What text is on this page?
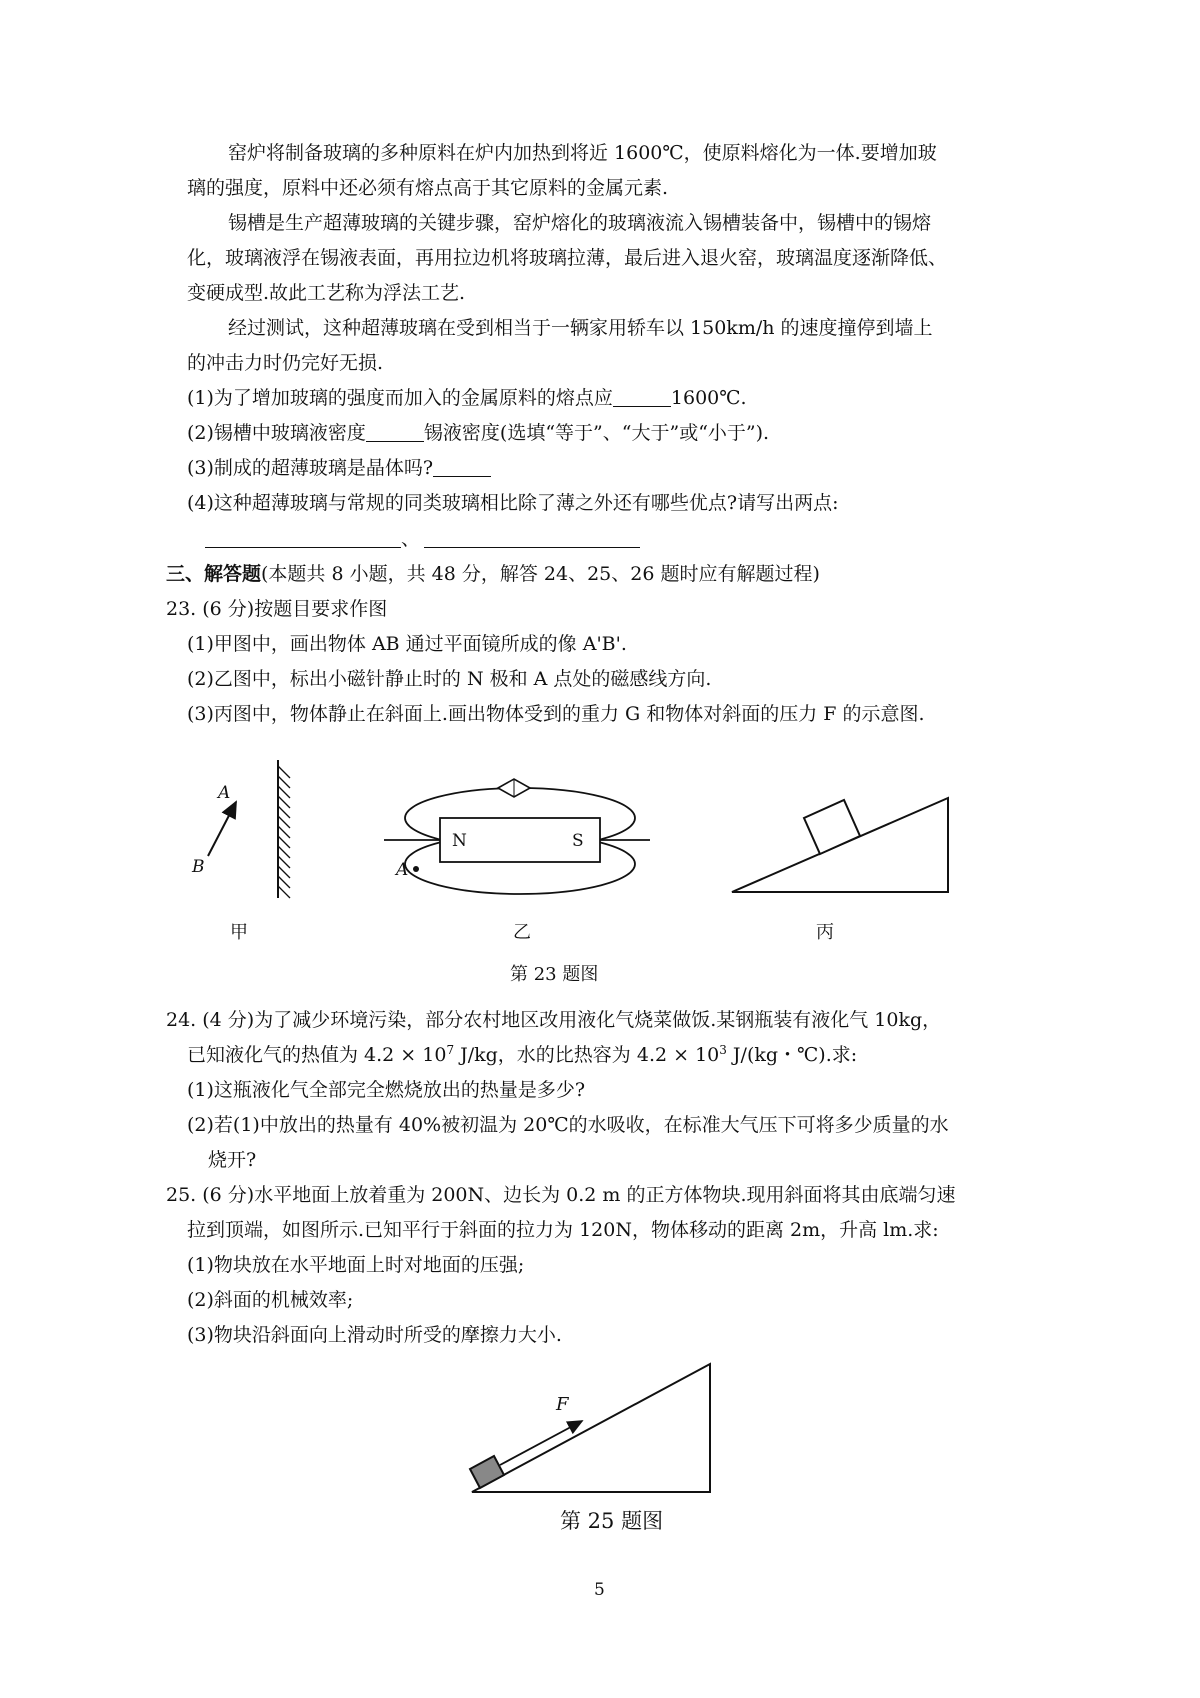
窑炉将制备玻璃的多种原料在炉内加热到将近 1600℃，使原料熔化为一体.要增加玻
璃的强度，原料中还必须有熔点高于其它原料的金属元素.
锡槽是生产超薄玻璃的关键步骤，窑炉熔化的玻璃液流入锡槽装备中，锡槽中的锡熔
化，玻璃液浮在锡液表面，再用拉边机将玻璃拉薄，最后进入退火窑，玻璃温度逐渐降低、
变硬成型.故此工艺称为浮法工艺.
经过测试，这种超薄玻璃在受到相当于一辆家用轿车以 150km/h 的速度撞停到墙上
的冲击力时仍完好无损.
(1)为了增加玻璃的强度而加入的金属原料的熔点应	1600℃.
(2)锡槽中玻璃液密度	锡液密度(选填“等于”、“大于”或“小于”).
(3)制成的超薄玻璃是晶体吗?
(4)这种超薄玻璃与常规的同类玻璃相比除了薄之外还有哪些优点?请写出两点:
、
三、解答题(本题共 8 小题，共 48 分，解答 24、25、26 题时应有解题过程)
23. (6 分)按题目要求作图
(1)甲图中，画出物体 AB 通过平面镜所成的像 A'B'.
(2)乙图中，标出小磁针静止时的 N 极和 A 点处的磁感线方向.
(3)丙图中，物体静止在斜面上.画出物体受到的重力 G 和物体对斜面的压力 F 的示意图.
A
B
甲
N	S
A
乙	丙
第 23 题图
24. (4 分)为了减少环境污染，部分农村地区改用液化气烧菜做饭.某钢瓶装有液化气 10kg，
已知液化气的热值为 $4.2 \times 10^7$ J/kg，水的比热容为 $4.2 \times 10^3$ J/(kg・℃).求:
(1)这瓶液化气全部完全燃烧放出的热量是多少?
(2)若(1)中放出的热量有 40%被初温为 20℃的水吸收，在标准大气压下可将多少质量的水
烧开?
25. (6 分)水平地面上放着重为 200N、边长为 0.2 m 的正方体物块.现用斜面将其由底端匀速
拉到顶端，如图所示.已知平行于斜面的拉力为 120N，物体移动的距离 2m，升高 lm.求:
(1)物块放在水平地面上时对地面的压强;
(2)斜面的机械效率;
(3)物块沿斜面向上滑动时所受的摩擦力大小.
F
第 25 题图
5
